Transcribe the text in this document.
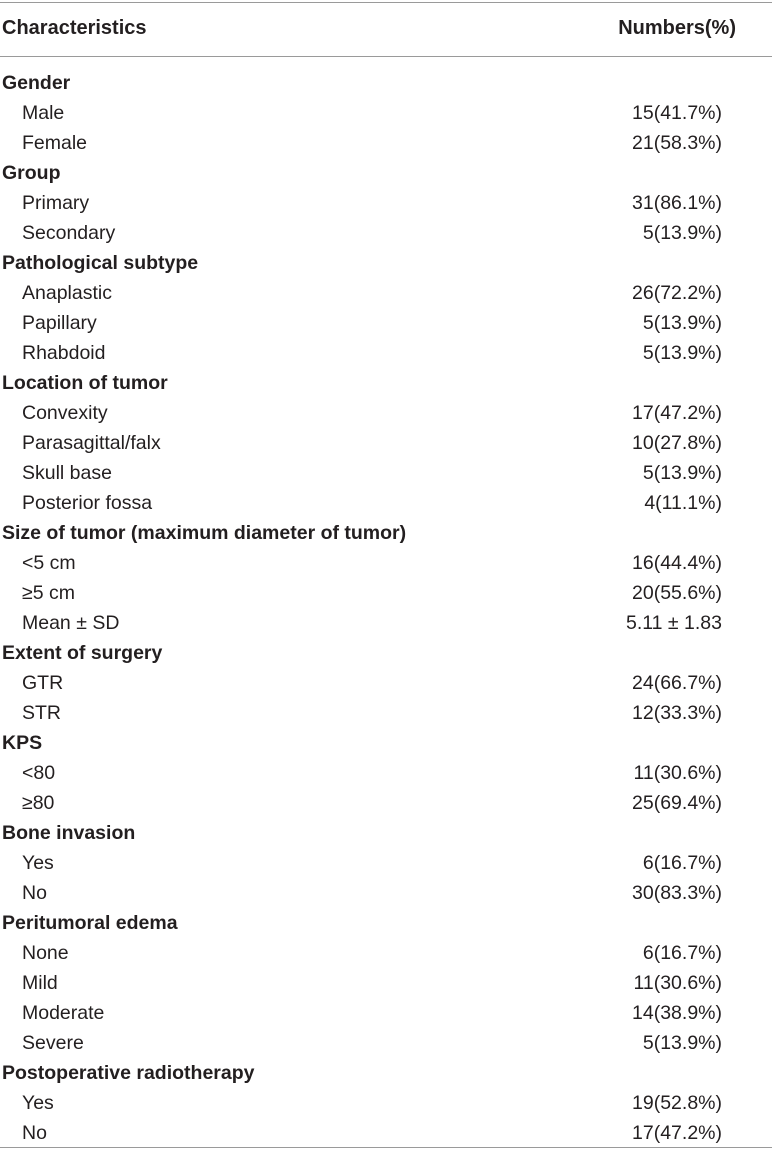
Characteristics	Numbers(%)
Gender
Male	15(41.7%)
Female	21(58.3%)
Group
Primary	31(86.1%)
Secondary	5(13.9%)
Pathological subtype
Anaplastic	26(72.2%)
Papillary	5(13.9%)
Rhabdoid	5(13.9%)
Location of tumor
Convexity	17(47.2%)
Parasagittal/falx	10(27.8%)
Skull base	5(13.9%)
Posterior fossa	4(11.1%)
Size of tumor (maximum diameter of tumor)
<5 cm	16(44.4%)
≥5 cm	20(55.6%)
Mean ± SD	5.11 ± 1.83
Extent of surgery
GTR	24(66.7%)
STR	12(33.3%)
KPS
<80	11(30.6%)
≥80	25(69.4%)
Bone invasion
Yes	6(16.7%)
No	30(83.3%)
Peritumoral edema
None	6(16.7%)
Mild	11(30.6%)
Moderate	14(38.9%)
Severe	5(13.9%)
Postoperative radiotherapy
Yes	19(52.8%)
No	17(47.2%)
